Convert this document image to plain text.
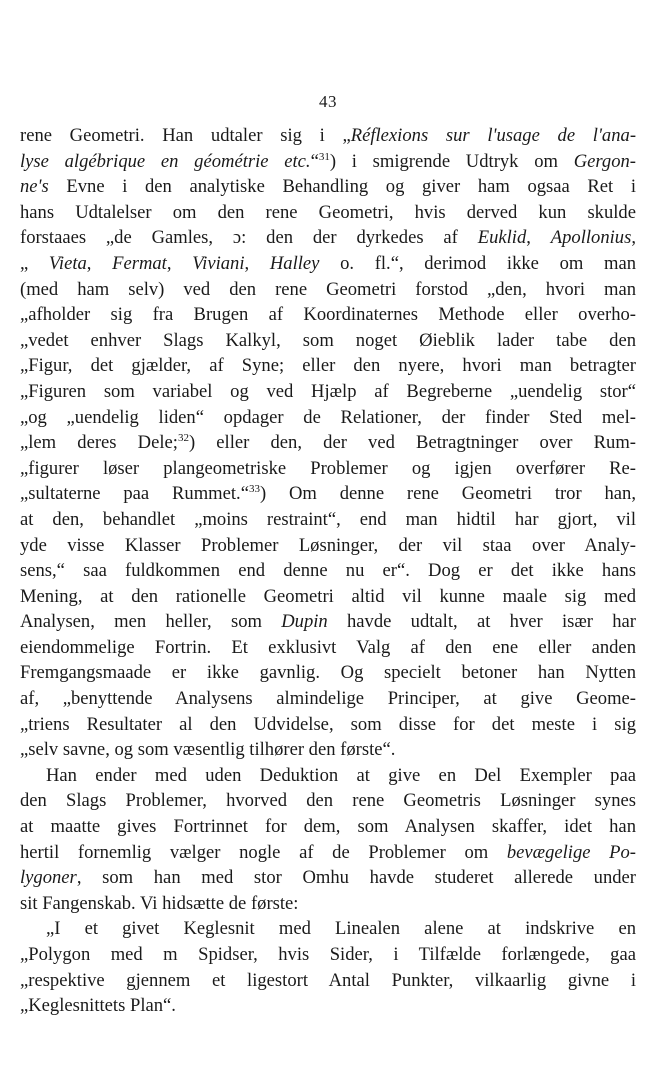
43
rene Geometri. Han udtaler sig i „Réflexions sur l'usage de l'ana-
lyse algébrique en géométrie etc.“$^{31}$) i smigrende Udtryk om Gergon-
ne's Evne i den analytiske Behandling og giver ham ogsaa Ret i
hans Udtalelser om den rene Geometri, hvis derved kun skulde
forstaaes „de Gamles, ɔ: den der dyrkedes af Euklid, Apollonius,
„ Vieta, Fermat, Viviani, Halley o. fl.“, derimod ikke om man
(med ham selv) ved den rene Geometri forstod „den, hvori man
„afholder sig fra Brugen af Koordinaternes Methode eller overho-
„vedet enhver Slags Kalkyl, som noget Øieblik lader tabe den
„Figur, det gjælder, af Syne; eller den nyere, hvori man betragter
„Figuren som variabel og ved Hjælp af Begreberne „uendelig stor“
„og „uendelig liden“ opdager de Relationer, der finder Sted mel-
„lem deres Dele;$^{32}$) eller den, der ved Betragtninger over Rum-
„figurer løser plangeometriske Problemer og igjen overfører Re-
„sultaterne paa Rummet.“$^{33}$) Om denne rene Geometri tror han,
at den, behandlet „moins restraint“, end man hidtil har gjort, vil
yde visse Klasser Problemer Løsninger, der vil staa over Analy-
sens,“ saa fuldkommen end denne nu er“. Dog er det ikke hans
Mening, at den rationelle Geometri altid vil kunne maale sig med
Analysen, men heller, som Dupin havde udtalt, at hver især har
eiendommelige Fortrin. Et exklusivt Valg af den ene eller anden
Fremgangsmaade er ikke gavnlig. Og specielt betoner han Nytten
af, „benyttende Analysens almindelige Principer, at give Geome-
„triens Resultater al den Udvidelse, som disse for det meste i sig
„selv savne, og som væsentlig tilhører den første“.
Han ender med uden Deduktion at give en Del Exempler paa
den Slags Problemer, hvorved den rene Geometris Løsninger synes
at maatte gives Fortrinnet for dem, som Analysen skaffer, idet han
hertil fornemlig vælger nogle af de Problemer om bevægelige Po-
lygoner, som han med stor Omhu havde studeret allerede under
sit Fangenskab. Vi hidsætte de første:
„I et givet Keglesnit med Linealen alene at indskrive en
„Polygon med m Spidser, hvis Sider, i Tilfælde forlængede, gaa
„respektive gjennem et ligestort Antal Punkter, vilkaarlig givne i
„Keglesnittets Plan“.
